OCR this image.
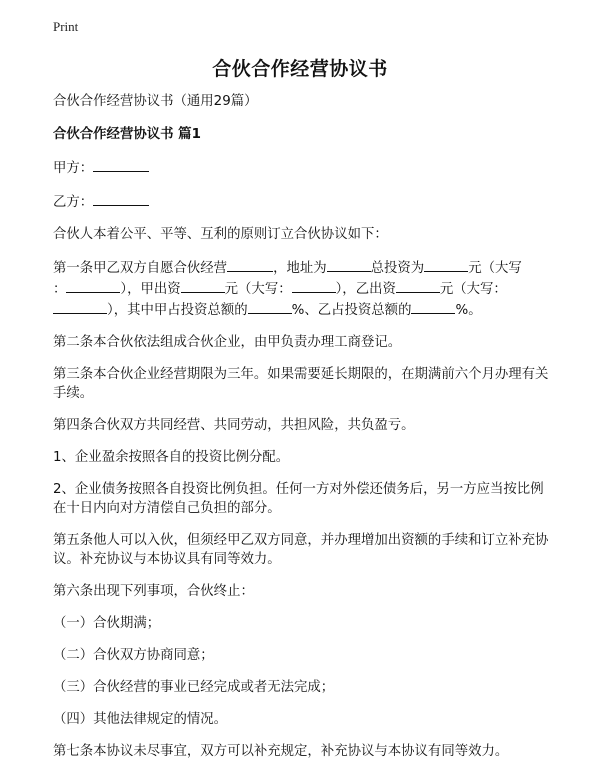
Print
合伙合作经营协议书

合伙合作经营协议书（通用29篇）

合伙合作经营协议书 篇1

甲方：

乙方：

合伙人本着公平、平等、互利的原则订立合伙协议如下：

第一条甲乙双方自愿合伙经营	，地址为	总投资为	元（大写
：	），甲出资	元（大写：	），乙出资	元（大写：
），其中甲占投资总额的	%、乙占投资总额的	%。

第二条本合伙依法组成合伙企业，由甲负责办理工商登记。

第三条本合伙企业经营期限为三年。如果需要延长期限的，在期满前六个月办理有关手续。

第四条合伙双方共同经营、共同劳动，共担风险，共负盈亏。

1、企业盈余按照各自的投资比例分配。

2、企业债务按照各自投资比例负担。任何一方对外偿还债务后，另一方应当按比例在十日内向对方清偿自己负担的部分。

第五条他人可以入伙，但须经甲乙双方同意，并办理增加出资额的手续和订立补充协议。补充协议与本协议具有同等效力。

第六条出现下列事项，合伙终止：

（一）合伙期满；

（二）合伙双方协商同意；

（三）合伙经营的事业已经完成或者无法完成；

（四）其他法律规定的情况。

第七条本协议未尽事宜，双方可以补充规定，补充协议与本协议有同等效力。
